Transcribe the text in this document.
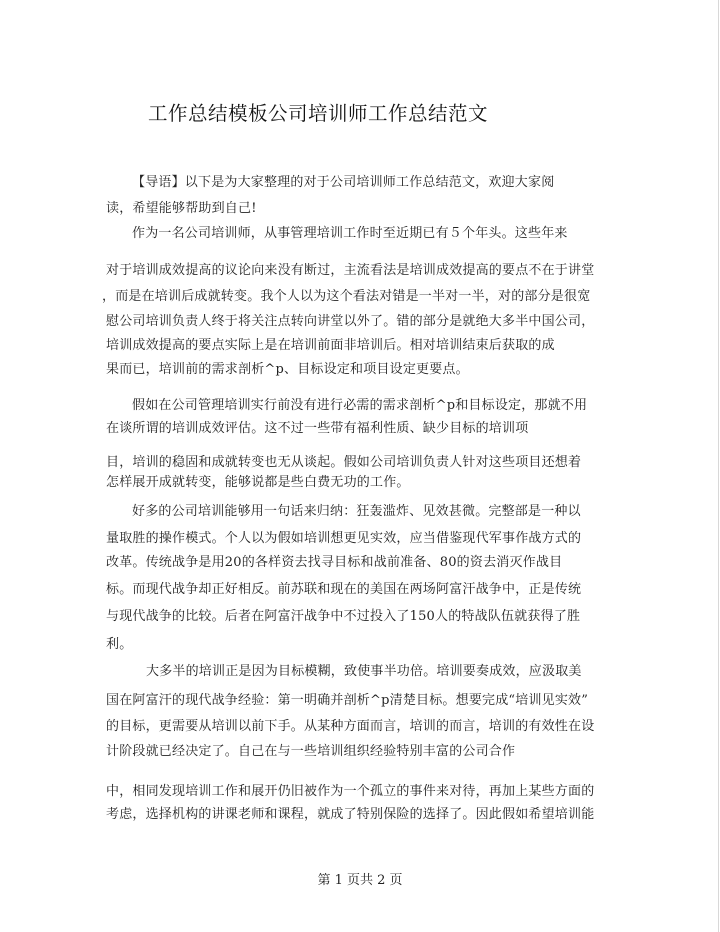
工作总结模板公司培训师工作总结范文
【导语】以下是为大家整理的对于公司培训师工作总结范文，欢迎大家阅
读，希望能够帮助到自己!
作为一名公司培训师，从事管理培训工作时至近期已有５个年头。这些年来
对于培训成效提高的议论向来没有断过，主流看法是培训成效提高的要点不在于讲堂
，而是在培训后成就转变。我个人以为这个看法对错是一半对一半，对的部分是很宽
慰公司培训负责人终于将关注点转向讲堂以外了。错的部分是就绝大多半中国公司，
培训成效提高的要点实际上是在培训前面非培训后。相对培训结束后获取的成
果而已，培训前的需求剖析^p、目标设定和项目设定更要点。
假如在公司管理培训实行前没有进行必需的需求剖析^p和目标设定，那就不用
在谈所谓的培训成效评估。这不过一些带有福利性质、缺少目标的培训项
目，培训的稳固和成就转变也无从谈起。假如公司培训负责人针对这些项目还想着
怎样展开成就转变，能够说都是些白费无功的工作。
好多的公司培训能够用一句话来归纳：狂轰滥炸、见效甚微。完整部是一种以
量取胜的操作模式。个人以为假如培训想更见实效，应当借鉴现代军事作战方式的
改革。传统战争是用20的各样资去找寻目标和战前准备、80的资去消灭作战目
标。而现代战争却正好相反。前苏联和现在的美国在两场阿富汗战争中，正是传统
与现代战争的比较。后者在阿富汗战争中不过投入了150人的特战队伍就获得了胜
利。
大多半的培训正是因为目标模糊，致使事半功倍。培训要奏成效，应汲取美
国在阿富汗的现代战争经验：第一明确并剖析^p清楚目标。想要完成“培训见实效”
的目标，更需要从培训以前下手。从某种方面而言，培训的而言，培训的有效性在设
计阶段就已经决定了。自己在与一些培训组织经验特别丰富的公司合作
中，相同发现培训工作和展开仍旧被作为一个孤立的事件来对待，再加上某些方面的
考虑，选择机构的讲课老师和课程，就成了特别保险的选择了。因此假如希望培训能
第 1 页共 2 页
